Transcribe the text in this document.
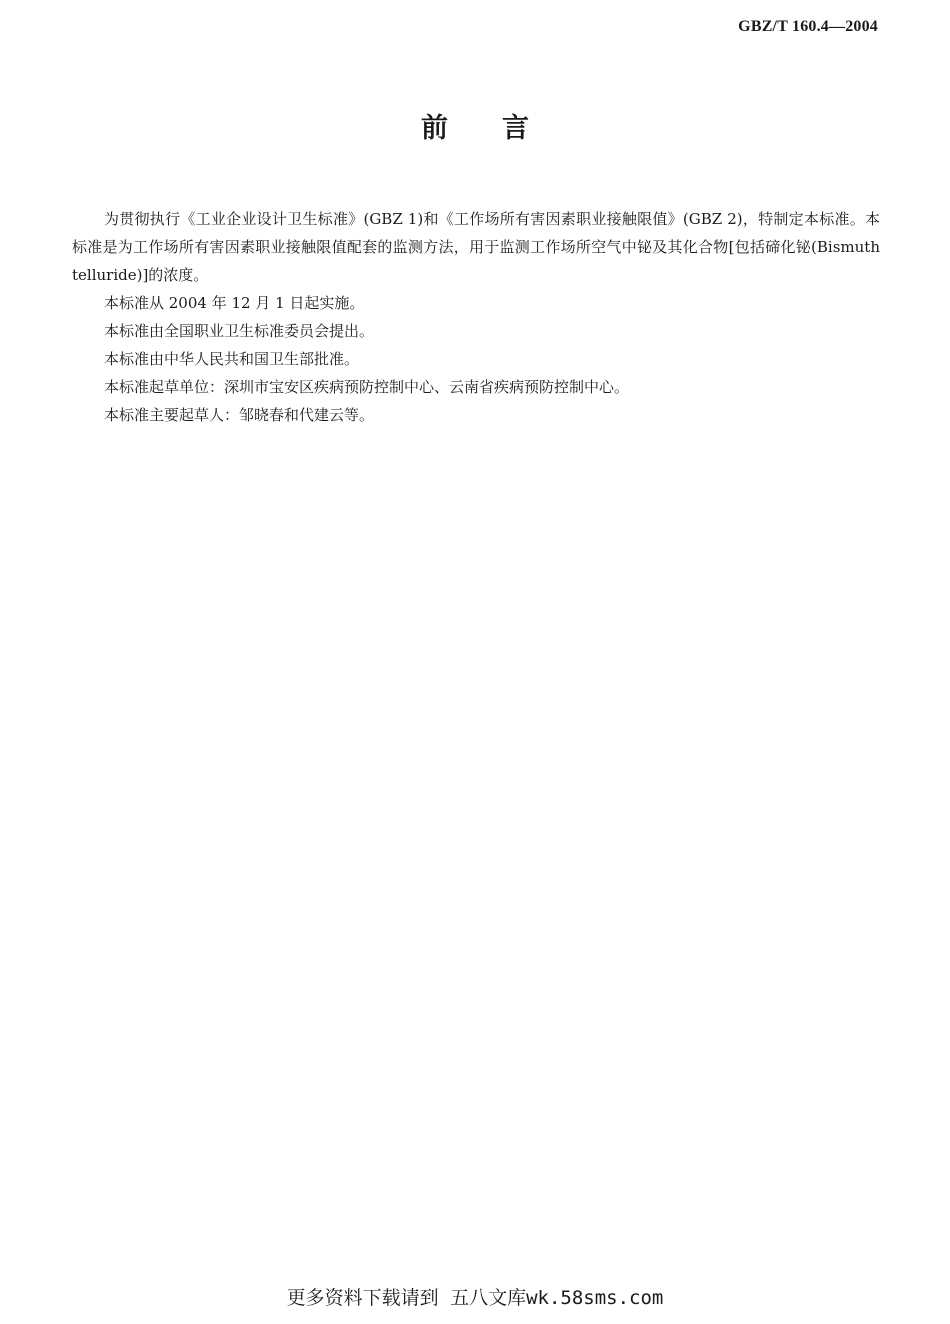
GBZ/T 160.4—2004
前言

为贯彻执行《工业企业设计卫生标准》(GBZ 1)和《工作场所有害因素职业接触限值》(GBZ 2)，特制定本标准。本标准是为工作场所有害因素职业接触限值配套的监测方法，用于监测工作场所空气中铋及其化合物[包括碲化铋(Bismuth telluride)]的浓度。

本标准从 2004 年 12 月 1 日起实施。

本标准由全国职业卫生标准委员会提出。

本标准由中华人民共和国卫生部批准。

本标准起草单位：深圳市宝安区疾病预防控制中心、云南省疾病预防控制中心。

本标准主要起草人：邹晓春和代建云等。

更多资料下载请到 五八文库wk.58sms.com
